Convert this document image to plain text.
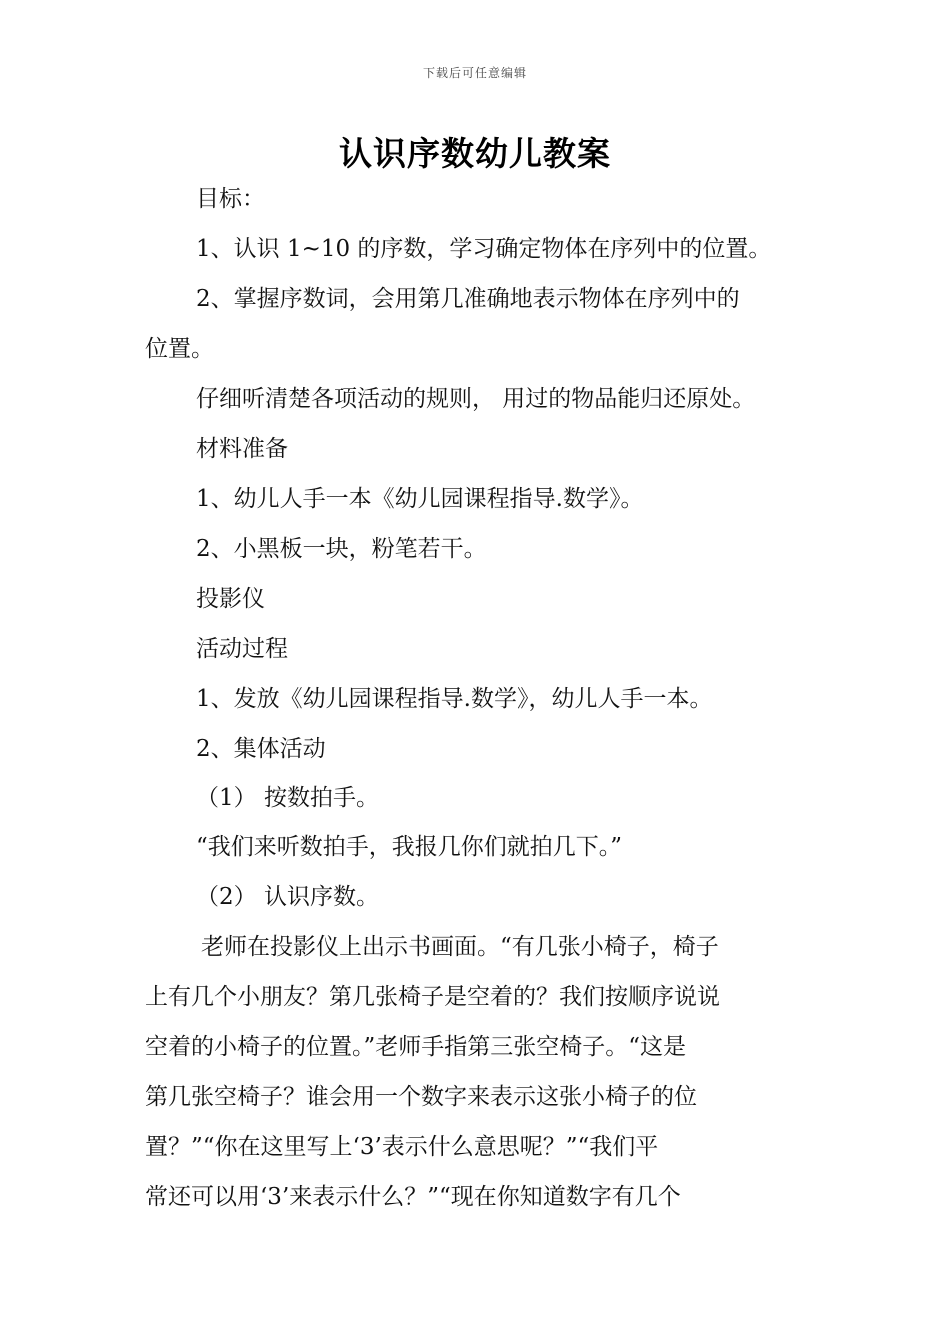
下载后可任意编辑
认识序数幼儿教案
目标：
1、认识 1~10 的序数，学习确定物体在序列中的位置。
2、掌握序数词，会用第几准确地表示物体在序列中的
位置。
仔细听清楚各项活动的规则， 用过的物品能归还原处。
材料准备
1、幼儿人手一本《幼儿园课程指导.数学》。
2、小黑板一块，粉笔若干。
投影仪
活动过程
1、发放《幼儿园课程指导.数学》，幼儿人手一本。
2、集体活动
（1） 按数拍手。
“我们来听数拍手，我报几你们就拍几下。”
（2） 认识序数。
老师在投影仪上出示书画面。“有几张小椅子，椅子
上有几个小朋友？第几张椅子是空着的？我们按顺序说说
空着的小椅子的位置。”老师手指第三张空椅子。“这是
第几张空椅子？谁会用一个数字来表示这张小椅子的位
置？”“你在这里写上‘3’表示什么意思呢？”“我们平
常还可以用‘3’来表示什么？”“现在你知道数字有几个
